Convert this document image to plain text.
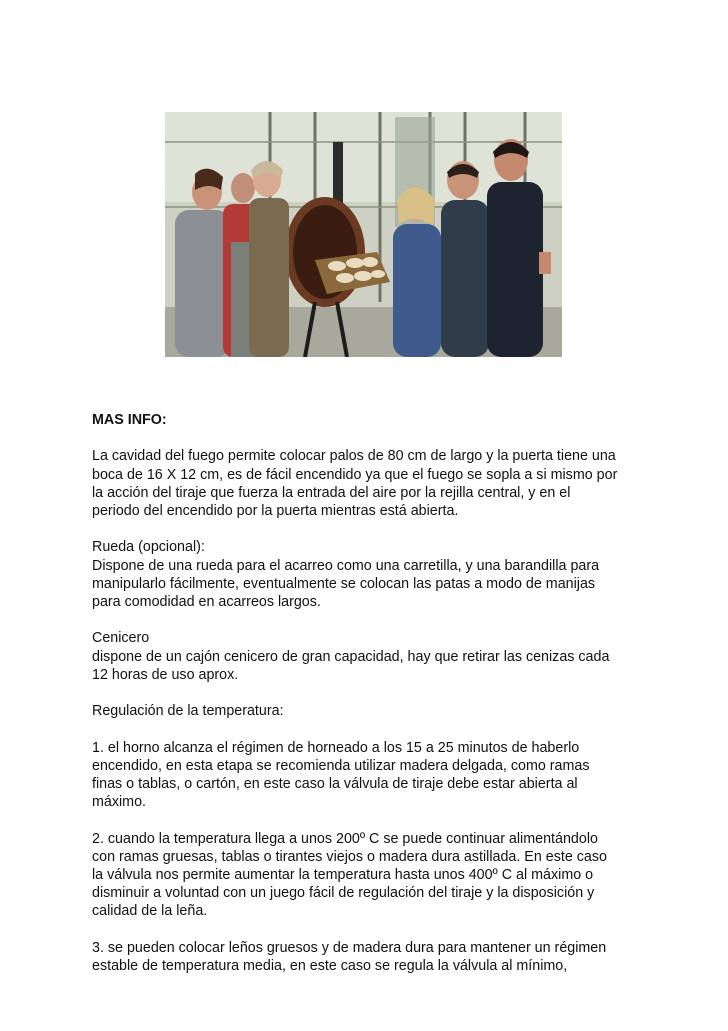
MAS INFO:

La cavidad del fuego permite colocar palos de 80 cm de largo y la puerta tiene una
boca de 16 X 12 cm, es de fácil encendido ya que el fuego se sopla a si mismo por
la acción del tiraje que fuerza la entrada del aire por la rejilla central, y en el
periodo del encendido por la puerta mientras está abierta.

Rueda (opcional):
Dispone de una rueda para el acarreo como una carretilla, y una barandilla para
manipularlo fácilmente, eventualmente se colocan las patas a modo de manijas
para comodidad en acarreos largos.

Cenicero
dispone de un cajón cenicero de gran capacidad, hay que retirar las cenizas cada
12 horas de uso aprox.

Regulación de la temperatura:

1. el horno alcanza el régimen de horneado a los 15 a 25 minutos de haberlo
encendido, en esta etapa se recomienda utilizar madera delgada, como ramas
finas o tablas, o cartón, en este caso la válvula de tiraje debe estar abierta al
máximo.

2. cuando la temperatura llega a unos 200º C se puede continuar alimentándolo
con ramas gruesas, tablas o tirantes viejos o madera dura astillada. En este caso
la válvula nos permite aumentar la temperatura hasta unos 400º C al máximo o
disminuir a voluntad con un juego fácil de regulación del tiraje y la disposición y
calidad de la leña.

3. se pueden colocar leños gruesos y de madera dura para mantener un régimen
estable de temperatura media, en este caso se regula la válvula al mínimo,
